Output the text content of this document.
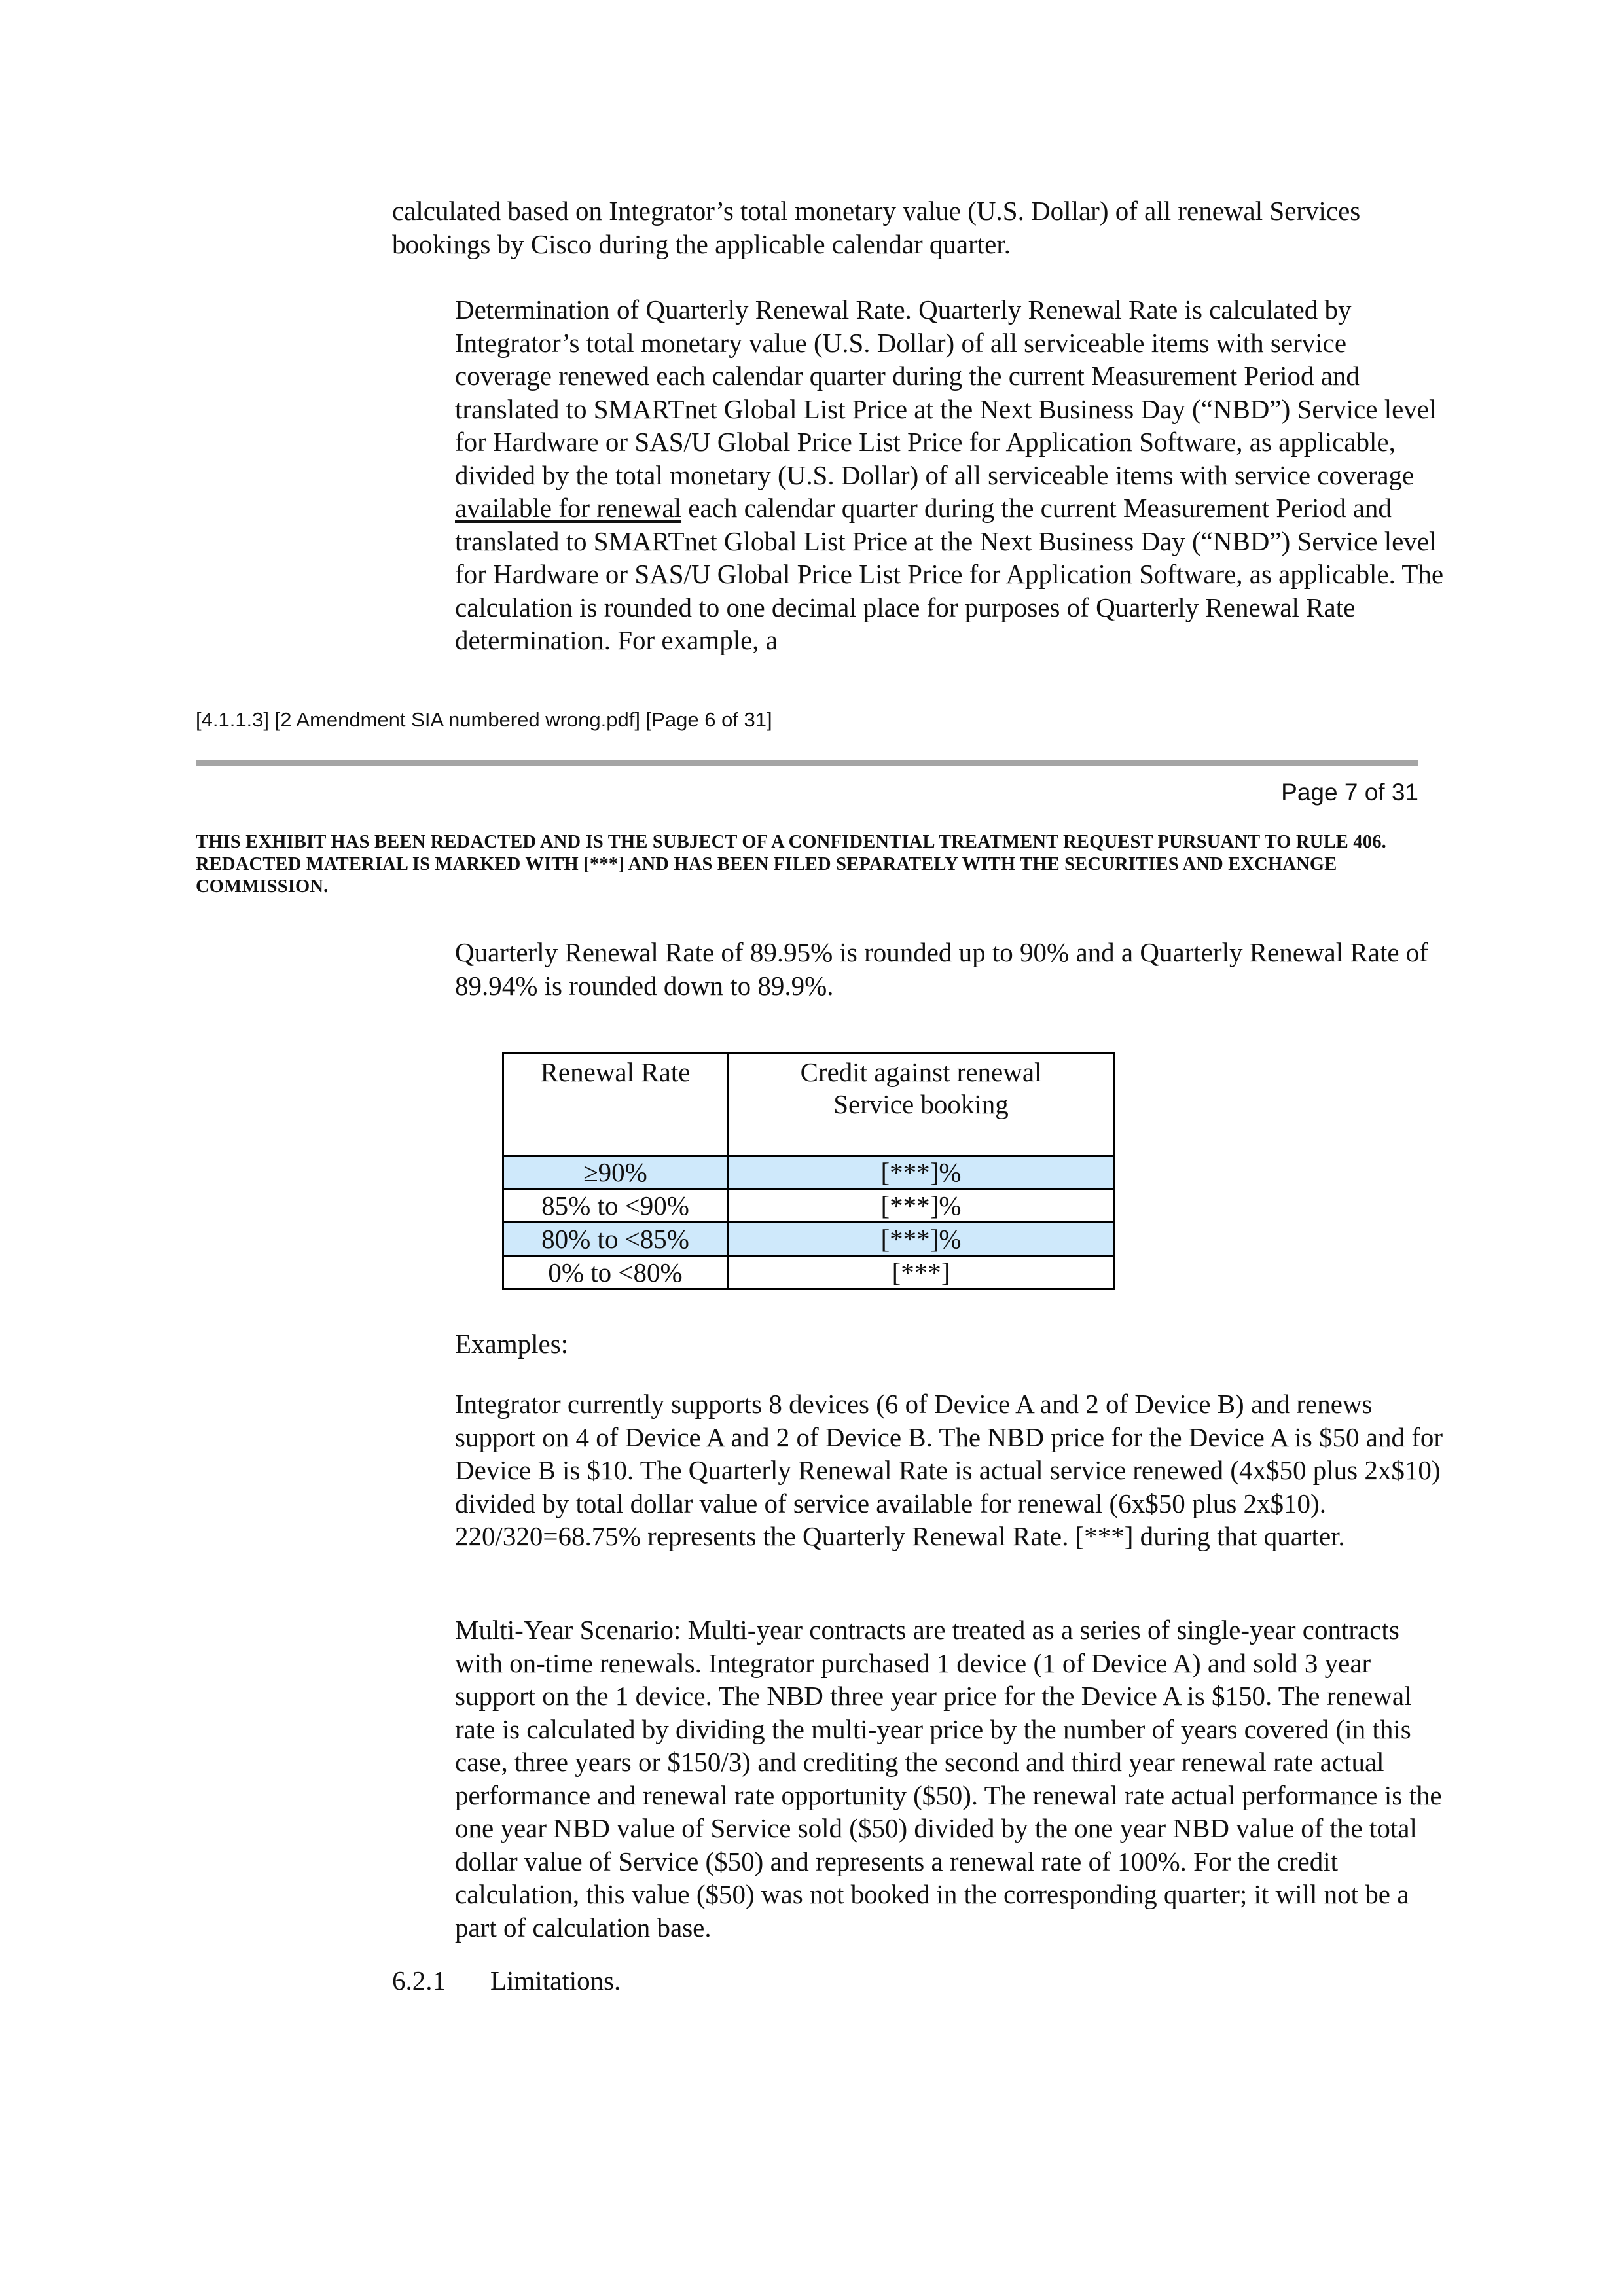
calculated based on Integrator’s total monetary value (U.S. Dollar) of all renewal Services bookings by Cisco during the applicable calendar quarter.

Determination of Quarterly Renewal Rate. Quarterly Renewal Rate is calculated by Integrator’s total monetary value (U.S. Dollar) of all serviceable items with service coverage renewed each calendar quarter during the current Measurement Period and translated to SMARTnet Global List Price at the Next Business Day (“NBD”) Service level for Hardware or SAS/U Global Price List Price for Application Software, as applicable, divided by the total monetary (U.S. Dollar) of all serviceable items with service coverage available for renewal each calendar quarter during the current Measurement Period and translated to SMARTnet Global List Price at the Next Business Day (“NBD”) Service level for Hardware or SAS/U Global Price List Price for Application Software, as applicable. The calculation is rounded to one decimal place for purposes of Quarterly Renewal Rate determination. For example, a

[4.1.1.3] [2 Amendment SIA numbered wrong.pdf] [Page 6 of 31]
Page 7 of 31

THIS EXHIBIT HAS BEEN REDACTED AND IS THE SUBJECT OF A CONFIDENTIAL TREATMENT REQUEST PURSUANT TO RULE 406. REDACTED MATERIAL IS MARKED WITH [***] AND HAS BEEN FILED SEPARATELY WITH THE SECURITIES AND EXCHANGE COMMISSION.

Quarterly Renewal Rate of 89.95% is rounded up to 90% and a Quarterly Renewal Rate of 89.94% is rounded down to 89.9%.

Renewal Rate	Credit against renewal Service booking

≥90%	[***]%
85% to <90%	[***]%
80% to <85%	[***]%
0% to <80%	[***]
Examples:

Integrator currently supports 8 devices (6 of Device A and 2 of Device B) and renews support on 4 of Device A and 2 of Device B. The NBD price for the Device A is $50 and for Device B is $10. The Quarterly Renewal Rate is actual service renewed (4x$50 plus 2x$10) divided by total dollar value of service available for renewal (6x$50 plus 2x$10). 220/320=68.75% represents the Quarterly Renewal Rate. [***] during that quarter.

Multi-Year Scenario: Multi-year contracts are treated as a series of single-year contracts with on-time renewals. Integrator purchased 1 device (1 of Device A) and sold 3 year support on the 1 device. The NBD three year price for the Device A is $150. The renewal rate is calculated by dividing the multi-year price by the number of years covered (in this case, three years or $150/3) and crediting the second and third year renewal rate actual performance and renewal rate opportunity ($50). The renewal rate actual performance is the one year NBD value of Service sold ($50) divided by the one year NBD value of the total dollar value of Service ($50) and represents a renewal rate of 100%. For the credit calculation, this value ($50) was not booked in the corresponding quarter; it will not be a part of calculation base.

6.2.1 Limitations.
